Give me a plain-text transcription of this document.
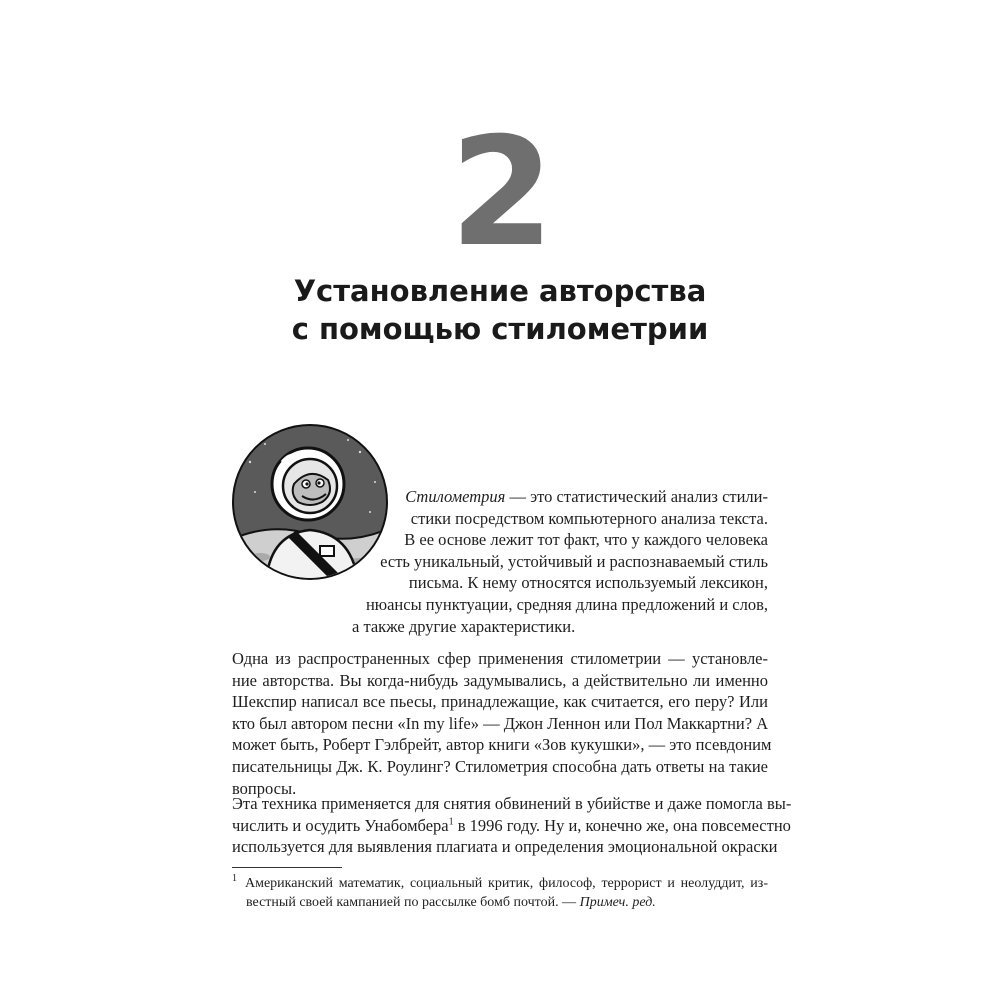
2
Установление авторства
с помощью стилометрии
Стилометрия — это статистический анализ стили-
стики посредством компьютерного анализа текста.
В ее основе лежит тот факт, что у каждого человека
есть уникальный, устойчивый и распознаваемый стиль
письма. К нему относятся используемый лексикон,
нюансы пунктуации, средняя длина предложений и слов,
а также другие характеристики.

Одна из распространенных сфер применения стилометрии — установле-
ние авторства. Вы когда-нибудь задумывались, а действительно ли именно
Шекспир написал все пьесы, принадлежащие, как считается, его перу? Или
кто был автором песни «In my life» — Джон Леннон или Пол Маккартни? А
может быть, Роберт Гэлбрейт, автор книги «Зов кукушки», — это псевдоним
писательницы Дж. К. Роулинг? Стилометрия способна дать ответы на такие
вопросы.

Эта техника применяется для снятия обвинений в убийстве и даже помогла вы-
числить и осудить Унабомбера$^1$ в 1996 году. Ну и, конечно же, она повсеместно
используется для выявления плагиата и определения эмоциональной окраски

$^1$ Американский математик, социальный критик, философ, террорист и неолуддит, из-
вестный своей кампанией по рассылке бомб почтой. — Примеч. ред.
